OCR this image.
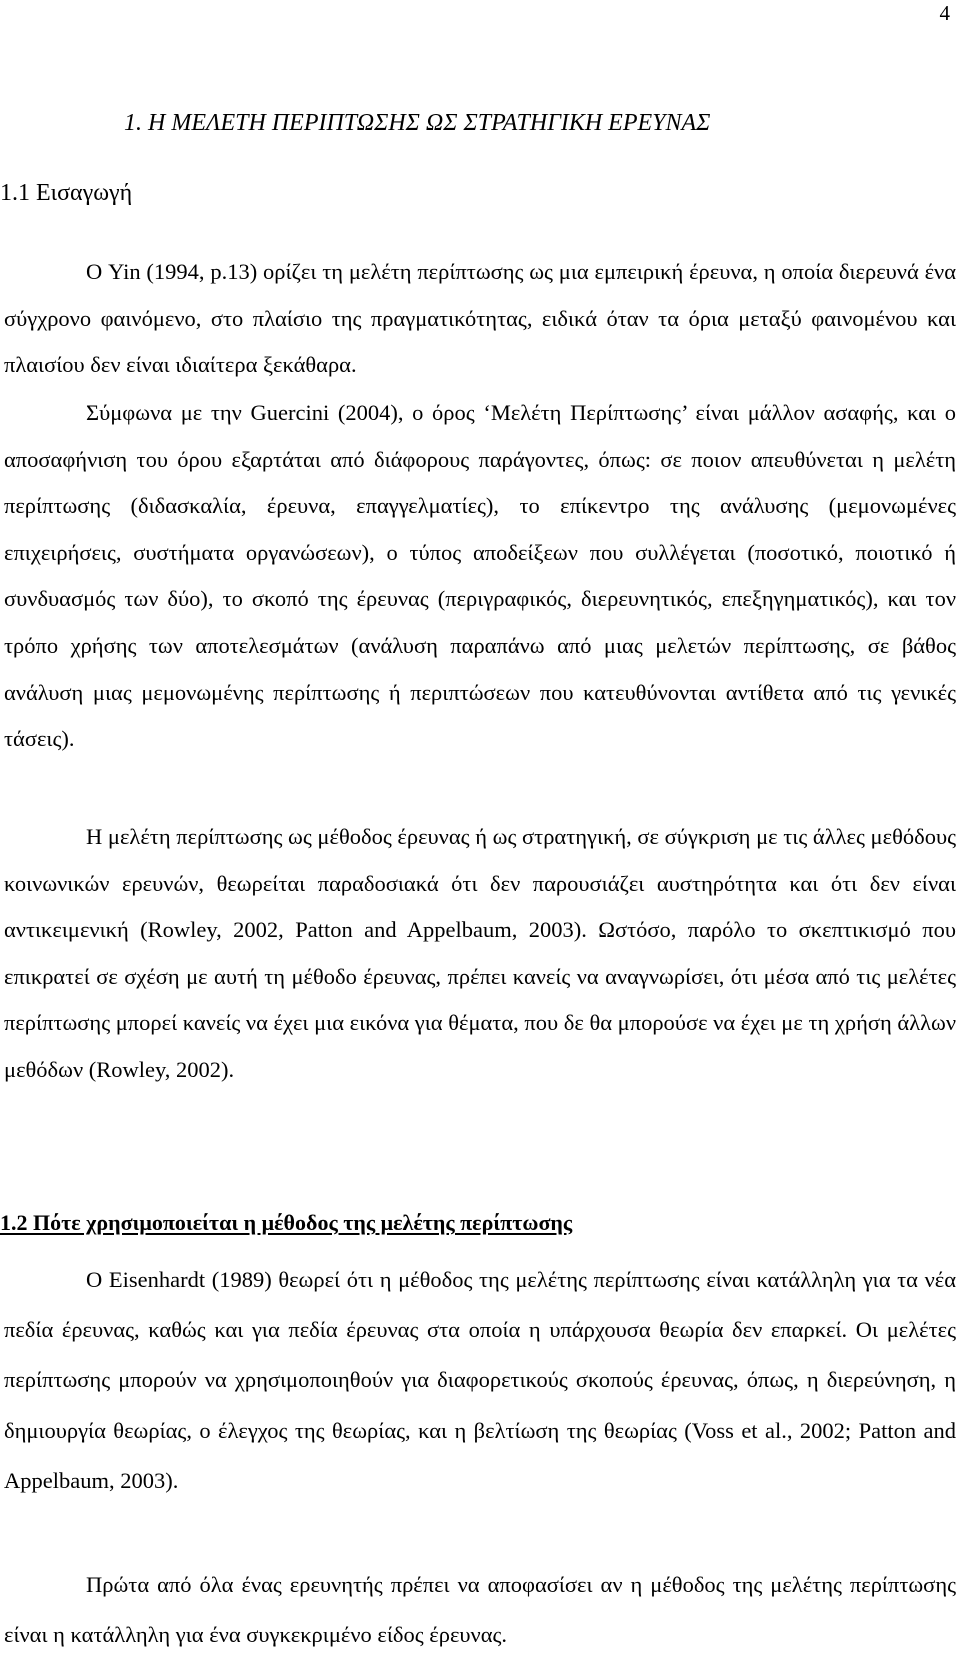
4
1. Η ΜΕΛΕΤΗ ΠΕΡΙΠΤΩΣΗΣ ΩΣ ΣΤΡΑΤΗΓΙΚΗ ΕΡΕΥΝΑΣ
1.1 Εισαγωγή

Ο Yin (1994, p.13) ορίζει τη μελέτη περίπτωσης ως μια εμπειρική έρευνα, η οποία διερευνά ένα σύγχρονο φαινόμενο, στο πλαίσιο της πραγματικότητας, ειδικά όταν τα όρια μεταξύ φαινομένου και πλαισίου δεν είναι ιδιαίτερα ξεκάθαρα.

Σύμφωνα με την Guercini (2004), ο όρος ‘Μελέτη Περίπτωσης’ είναι μάλλον ασαφής, και ο αποσαφήνιση του όρου εξαρτάται από διάφορους παράγοντες, όπως: σε ποιον απευθύνεται η μελέτη περίπτωσης (διδασκαλία, έρευνα, επαγγελματίες), το επίκεντρο της ανάλυσης (μεμονωμένες επιχειρήσεις, συστήματα οργανώσεων), ο τύπος αποδείξεων που συλλέγεται (ποσοτικό, ποιοτικό ή συνδυασμός των δύο), το σκοπό της έρευνας (περιγραφικός, διερευνητικός, επεξηγηματικός), και τον τρόπο χρήσης των αποτελεσμάτων (ανάλυση παραπάνω από μιας μελετών περίπτωσης, σε βάθος ανάλυση μιας μεμονωμένης περίπτωσης ή περιπτώσεων που κατευθύνονται αντίθετα από τις γενικές τάσεις).

Η μελέτη περίπτωσης ως μέθοδος έρευνας ή ως στρατηγική, σε σύγκριση με τις άλλες μεθόδους κοινωνικών ερευνών, θεωρείται παραδοσιακά ότι δεν παρουσιάζει αυστηρότητα και ότι δεν είναι αντικειμενική (Rowley, 2002, Patton and Appelbaum, 2003). Ωστόσο, παρόλο το σκεπτικισμό που επικρατεί σε σχέση με αυτή τη μέθοδο έρευνας, πρέπει κανείς να αναγνωρίσει, ότι μέσα από τις μελέτες περίπτωσης μπορεί κανείς να έχει μια εικόνα για θέματα, που δε θα μπορούσε να έχει με τη χρήση άλλων μεθόδων (Rowley, 2002).

1.2 Πότε χρησιμοποιείται η μέθοδος της μελέτης περίπτωσης

Ο Eisenhardt (1989) θεωρεί ότι η μέθοδος της μελέτης περίπτωσης είναι κατάλληλη για τα νέα πεδία έρευνας, καθώς και για πεδία έρευνας στα οποία η υπάρχουσα θεωρία δεν επαρκεί. Οι μελέτες περίπτωσης μπορούν να χρησιμοποιηθούν για διαφορετικούς σκοπούς έρευνας, όπως, η διερεύνηση, η δημιουργία θεωρίας, ο έλεγχος της θεωρίας, και η βελτίωση της θεωρίας (Voss et al., 2002; Patton and Appelbaum, 2003).

Πρώτα από όλα ένας ερευνητής πρέπει να αποφασίσει αν η μέθοδος της μελέτης περίπτωσης είναι η κατάλληλη για ένα συγκεκριμένο είδος έρευνας.
